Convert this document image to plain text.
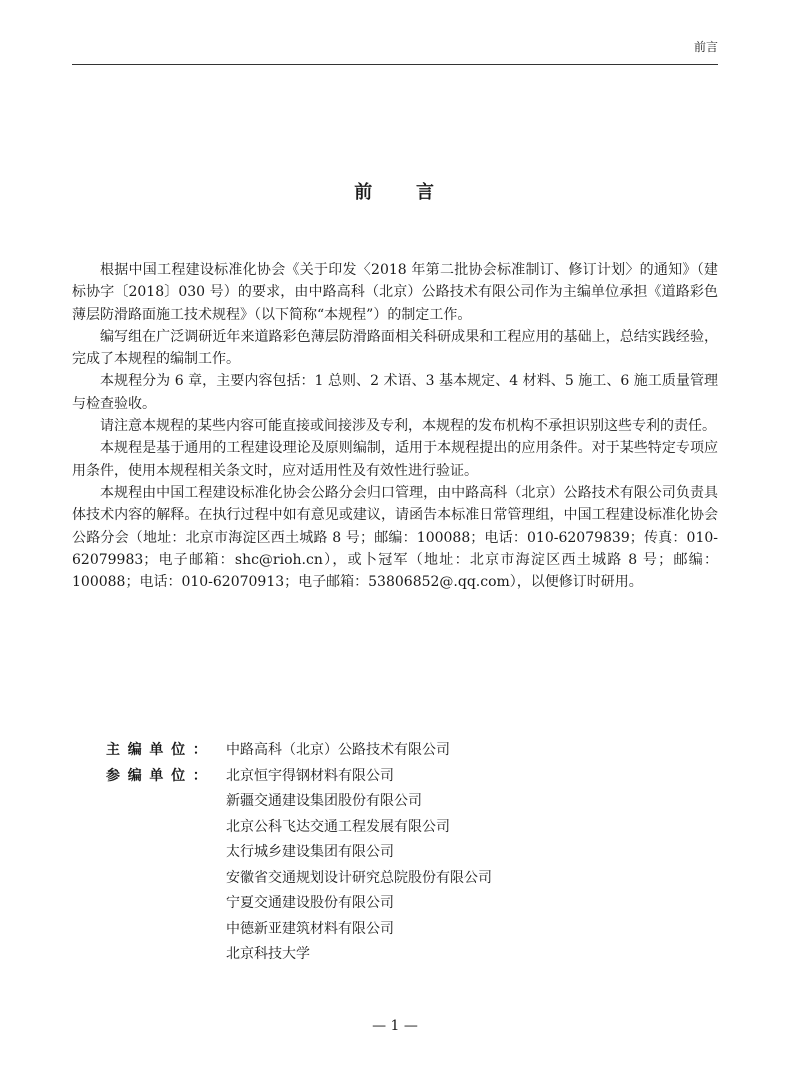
前言
前 言

根据中国工程建设标准化协会《关于印发〈2018 年第二批协会标准制订、修订计划〉的通知》（建标协字〔2018〕030 号）的要求，由中路高科（北京）公路技术有限公司作为主编单位承担《道路彩色薄层防滑路面施工技术规程》（以下简称“本规程”）的制定工作。

编写组在广泛调研近年来道路彩色薄层防滑路面相关科研成果和工程应用的基础上，总结实践经验，完成了本规程的编制工作。

本规程分为 6 章，主要内容包括：1 总则、2 术语、3 基本规定、4 材料、5 施工、6 施工质量管理与检查验收。

请注意本规程的某些内容可能直接或间接涉及专利，本规程的发布机构不承担识别这些专利的责任。

本规程是基于通用的工程建设理论及原则编制，适用于本规程提出的应用条件。对于某些特定专项应用条件，使用本规程相关条文时，应对适用性及有效性进行验证。

本规程由中国工程建设标准化协会公路分会归口管理，由中路高科（北京）公路技术有限公司负责具体技术内容的解释。在执行过程中如有意见或建议，请函告本标准日常管理组，中国工程建设标准化协会公路分会（地址：北京市海淀区西土城路 8 号；邮编：100088；电话：010-62079839；传真：010-62079983；电子邮箱：shc@rioh.cn），或卜冠军（地址：北京市海淀区西土城路 8 号；邮编：100088；电话：010-62070913；电子邮箱：53806852@.qq.com），以便修订时研用。

主编单位： 中路高科（北京）公路技术有限公司
参编单位： 北京恒宇得钢材料有限公司
新疆交通建设集团股份有限公司
北京公科飞达交通工程发展有限公司
太行城乡建设集团有限公司
安徽省交通规划设计研究总院股份有限公司
宁夏交通建设股份有限公司
中德新亚建筑材料有限公司
北京科技大学
— 1 —
